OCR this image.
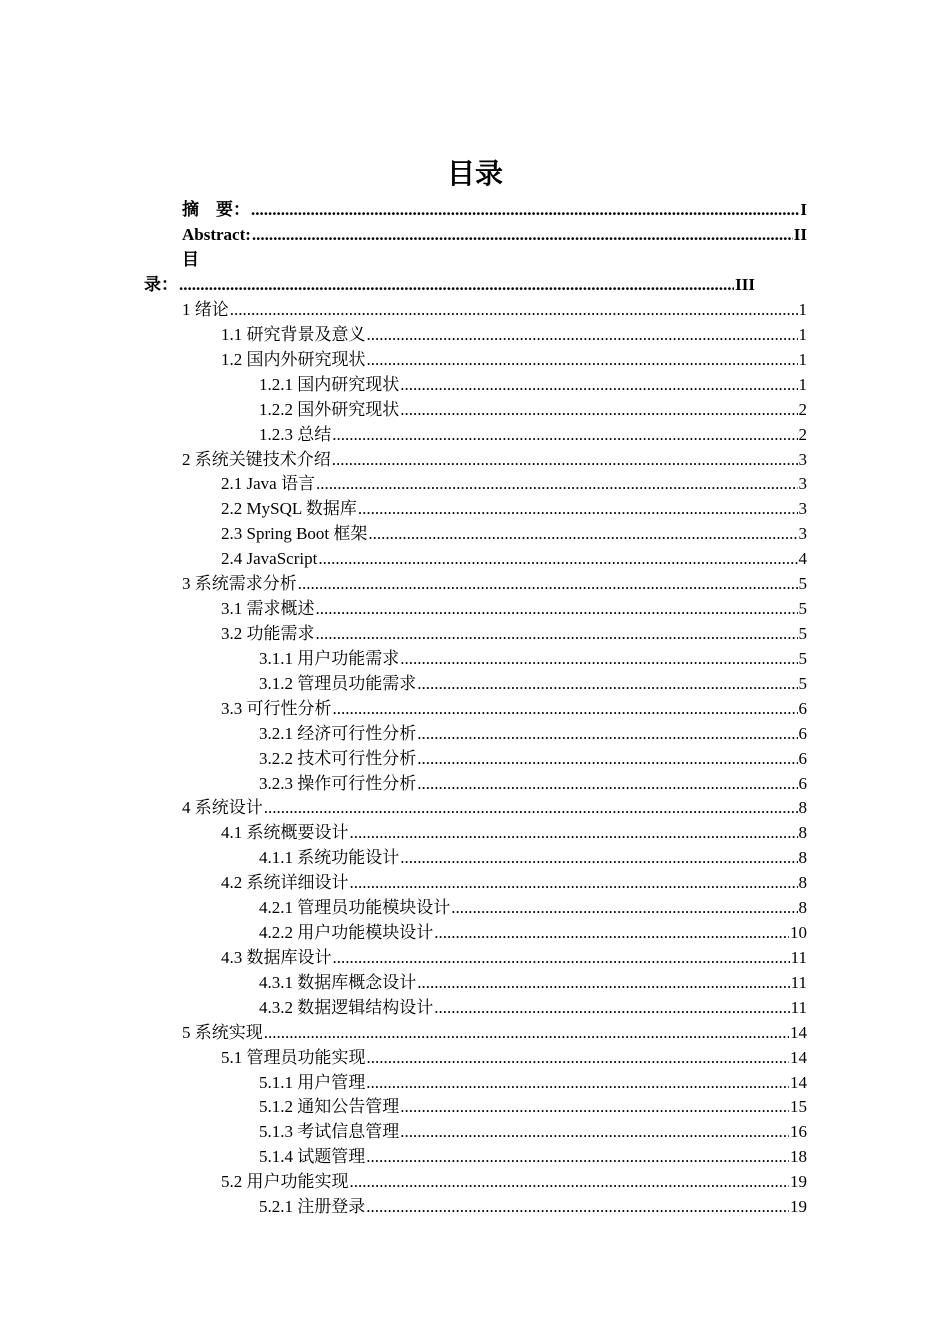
目录
摘　要： .....	I
Abstract: .....	II
目
录： .....	III
1 绪论 .....	1
1.1 研究背景及意义 .....	1
1.2 国内外研究现状 .....	1
1.2.1 国内研究现状 .....	1
1.2.2 国外研究现状 .....	2
1.2.3 总结 .....	2
2 系统关键技术介绍 .....	3
2.1 Java 语言 .....	3
2.2 MySQL 数据库 .....	3
2.3 Spring Boot 框架 .....	3
2.4 JavaScript .....	4
3 系统需求分析 .....	5
3.1 需求概述 .....	5
3.2 功能需求 .....	5
3.1.1 用户功能需求 .....	5
3.1.2 管理员功能需求 .....	5
3.3 可行性分析 .....	6
3.2.1 经济可行性分析 .....	6
3.2.2 技术可行性分析 .....	6
3.2.3 操作可行性分析 .....	6
4 系统设计 .....	8
4.1 系统概要设计 .....	8
4.1.1 系统功能设计 .....	8
4.2 系统详细设计 .....	8
4.2.1 管理员功能模块设计 .....	8
4.2.2 用户功能模块设计 .....	10
4.3 数据库设计 .....	11
4.3.1 数据库概念设计 .....	11
4.3.2 数据逻辑结构设计 .....	11
5 系统实现 .....	14
5.1 管理员功能实现 .....	14
5.1.1 用户管理 .....	14
5.1.2 通知公告管理 .....	15
5.1.3 考试信息管理 .....	16
5.1.4 试题管理 .....	18
5.2 用户功能实现 .....	19
5.2.1 注册登录 .....	19
